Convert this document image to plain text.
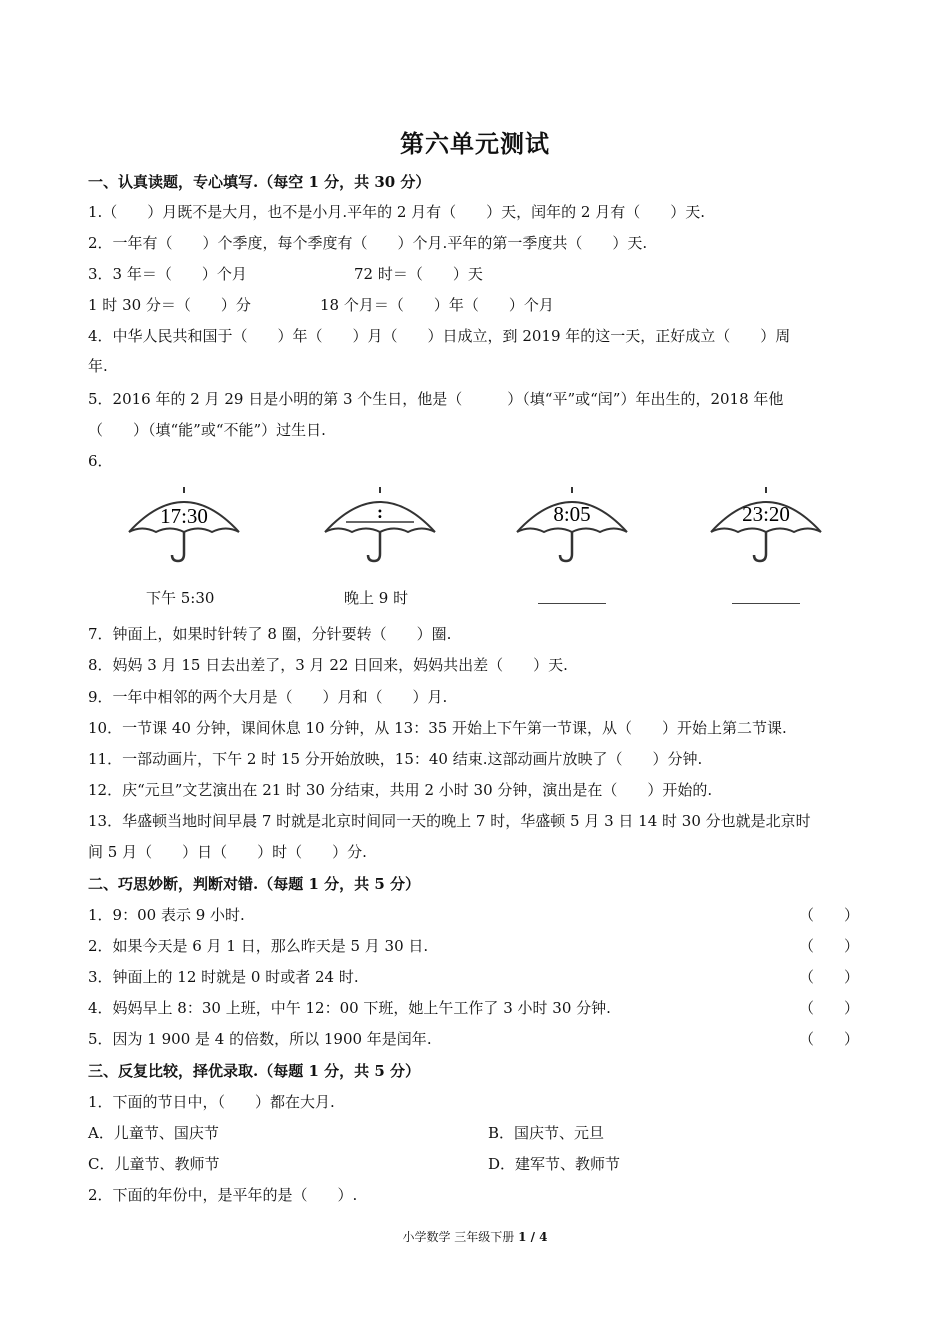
第六单元测试
一、认真读题，专心填写.（每空 1 分，共 30 分）
1.（　　）月既不是大月，也不是小月.平年的 2 月有（　　）天，闰年的 2 月有（　　）天.
2．一年有（　　）个季度，每个季度有（　　）个月.平年的第一季度共（　　）天.
3．3 年＝（　　）个月	72 时＝（　　）天
1 时 30 分＝（　　）分	18 个月＝（　　）年（　　）个月
4．中华人民共和国于（　　）年（　　）月（　　）日成立，到 2019 年的这一天，正好成立（　　）周
年.
5．2016 年的 2 月 29 日是小明的第 3 个生日，他是（　　　）（填“平”或“闰”）年出生的，2018 年他
（　　）（填“能”或“不能”）过生日.
6．
17:30	:	8:05	23:20
下午 5:30	晚上 9 时
7．钟面上，如果时针转了 8 圈，分针要转（　　）圈.
8．妈妈 3 月 15 日去出差了，3 月 22 日回来，妈妈共出差（　　）天.
9．一年中相邻的两个大月是（　　）月和（　　）月.
10．一节课 40 分钟，课间休息 10 分钟，从 13：35 开始上下午第一节课，从（　　）开始上第二节课.
11．一部动画片，下午 2 时 15 分开始放映，15：40 结束.这部动画片放映了（　　）分钟.
12．庆“元旦”文艺演出在 21 时 30 分结束，共用 2 小时 30 分钟，演出是在（　　）开始的.
13．华盛顿当地时间早晨 7 时就是北京时间同一天的晚上 7 时，华盛顿 5 月 3 日 14 时 30 分也就是北京时
间 5 月（　　）日（　　）时（　　）分.
二、巧思妙断，判断对错.（每题 1 分，共 5 分）
1．9：00 表示 9 小时.	（　　）
2．如果今天是 6 月 1 日，那么昨天是 5 月 30 日.	（　　）
3．钟面上的 12 时就是 0 时或者 24 时.	（　　）
4．妈妈早上 8：30 上班，中午 12：00 下班，她上午工作了 3 小时 30 分钟.	（　　）
5．因为 1 900 是 4 的倍数，所以 1900 年是闰年.	（　　）
三、反复比较，择优录取.（每题 1 分，共 5 分）
1．下面的节日中，（　　）都在大月.
A．儿童节、国庆节	B．国庆节、元旦
C．儿童节、教师节	D．建军节、教师节
2．下面的年份中，是平年的是（　　）.
小学数学 三年级下册 1 / 4
